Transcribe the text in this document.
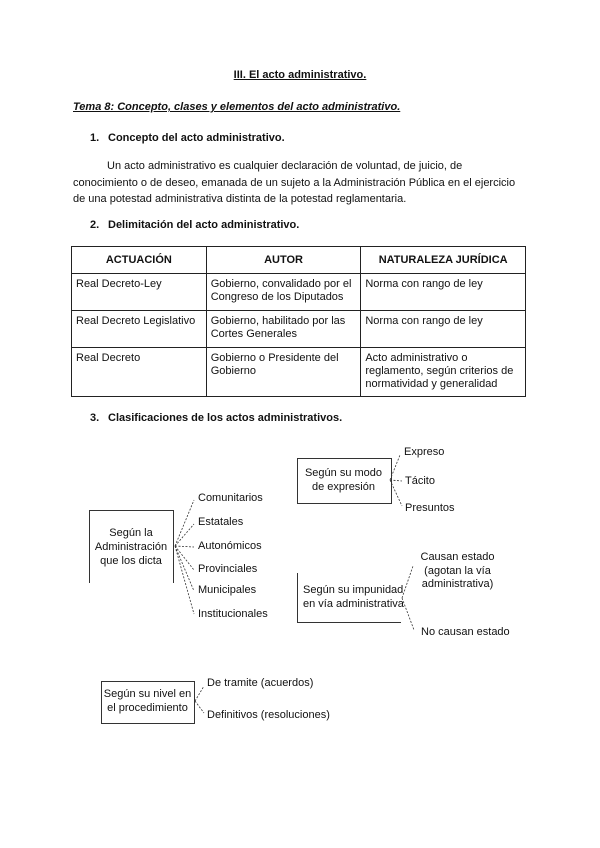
III. El acto administrativo.
Tema 8: Concepto, clases y elementos del acto administrativo.
1. Concepto del acto administrativo.
Un acto administrativo es cualquier declaración de voluntad, de juicio, de
conocimiento o de deseo, emanada de un sujeto a la Administración Pública en el ejercicio
de una potestad administrativa distinta de la potestad reglamentaria.
2. Delimitación del acto administrativo.
ACTUACIÓN	AUTOR	NATURALEZA JURÍDICA
Real Decreto-Ley	Gobierno, convalidado por el Congreso de los Diputados	Norma con rango de ley
Real Decreto Legislativo	Gobierno, habilitado por las Cortes Generales	Norma con rango de ley
Real Decreto	Gobierno o Presidente del Gobierno	Acto administrativo o reglamento, según criterios de normatividad y generalidad
3. Clasificaciones de los actos administrativos.
Según su modo
de expresión
Expreso
Tácito
Presuntos
Según la
Administración
que los dicta
Comunitarios
Estatales
Autonómicos
Provinciales
Municipales
Institucionales
Según su impunidad
en vía administrativa
Causan estado
(agotan la vía
administrativa)
No causan estado
Según su nivel en
el procedimiento
De tramite (acuerdos)
Definitivos (resoluciones)
